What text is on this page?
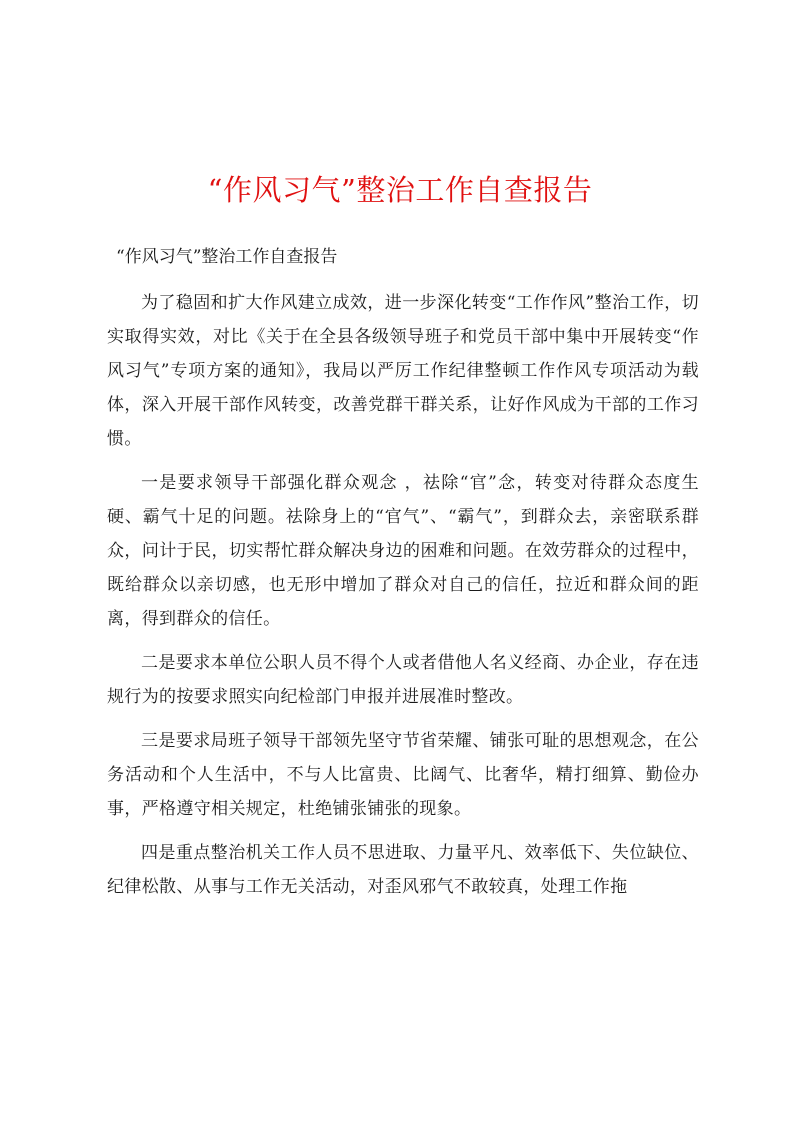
“作风习气”整治工作自查报告

“作风习气”整治工作自查报告

为了稳固和扩大作风建立成效，进一步深化转变“工作作风”整治工作，切实取得实效，对比《关于在全县各级领导班子和党员干部中集中开展转变“作风习气”专项方案的通知》，我局以严厉工作纪律整顿工作作风专项活动为载体，深入开展干部作风转变，改善党群干群关系，让好作风成为干部的工作习惯。

一是要求领导干部强化群众观念 ，祛除“官”念，转变对待群众态度生硬、霸气十足的问题。祛除身上的“官气”、“霸气”，到群众去，亲密联系群众，问计于民，切实帮忙群众解决身边的困难和问题。在效劳群众的过程中，既给群众以亲切感，也无形中增加了群众对自己的信任，拉近和群众间的距离，得到群众的信任。

二是要求本单位公职人员不得个人或者借他人名义经商、办企业，存在违规行为的按要求照实向纪检部门申报并进展准时整改。

三是要求局班子领导干部领先坚守节省荣耀、铺张可耻的思想观念，在公务活动和个人生活中，不与人比富贵、比阔气、比奢华，精打细算、勤俭办事，严格遵守相关规定，杜绝铺张铺张的现象。

四是重点整治机关工作人员不思进取、力量平凡、效率低下、失位缺位、纪律松散、从事与工作无关活动，对歪风邪气不敢较真，处理工作拖
